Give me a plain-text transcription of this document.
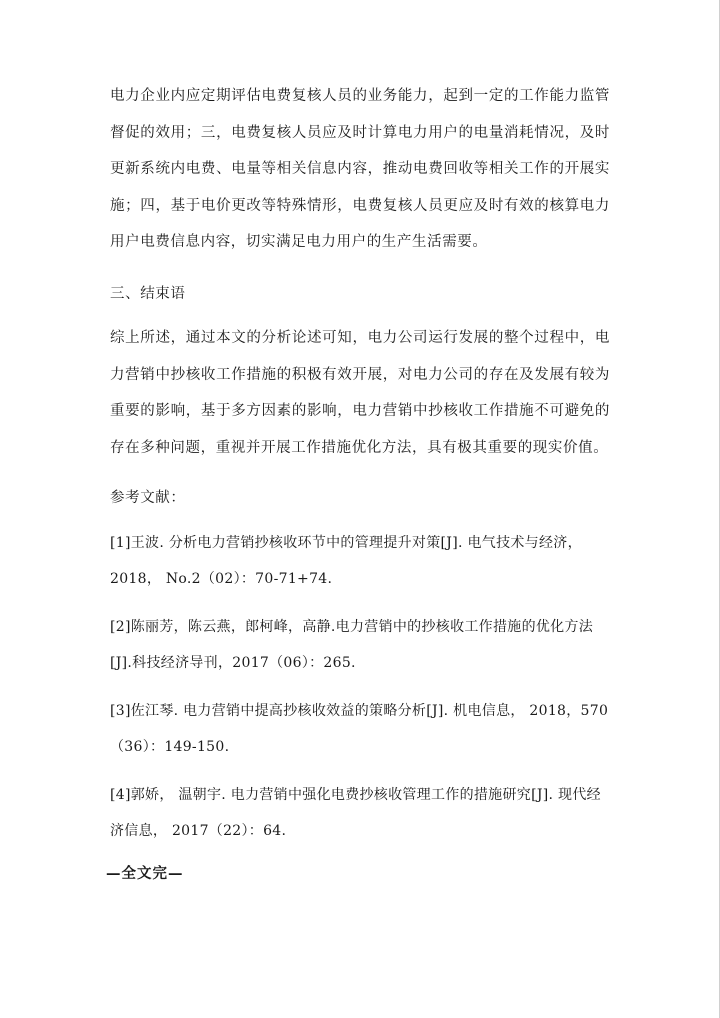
电力企业内应定期评估电费复核人员的业务能力，起到一定的工作能力监管督促的效用；三，电费复核人员应及时计算电力用户的电量消耗情况，及时更新系统内电费、电量等相关信息内容，推动电费回收等相关工作的开展实施；四，基于电价更改等特殊情形，电费复核人员更应及时有效的核算电力用户电费信息内容，切实满足电力用户的生产生活需要。

三、结束语

综上所述，通过本文的分析论述可知，电力公司运行发展的整个过程中，电力营销中抄核收工作措施的积极有效开展，对电力公司的存在及发展有较为重要的影响，基于多方因素的影响，电力营销中抄核收工作措施不可避免的存在多种问题，重视并开展工作措施优化方法，具有极其重要的现实价值。

参考文献：

[1]王波. 分析电力营销抄核收环节中的管理提升对策[J]. 电气技术与经济，2018， No.2（02）：70-71+74.

[2]陈丽芳，陈云燕，郎柯峰，高静.电力营销中的抄核收工作措施的优化方法[J].科技经济导刊，2017（06）：265.

[3]佐江琴. 电力营销中提高抄核收效益的策略分析[J]. 机电信息， 2018，570（36）：149-150.

[4]郭娇， 温朝宇. 电力营销中强化电费抄核收管理工作的措施研究[J]. 现代经济信息， 2017（22）：64.

—全文完—
